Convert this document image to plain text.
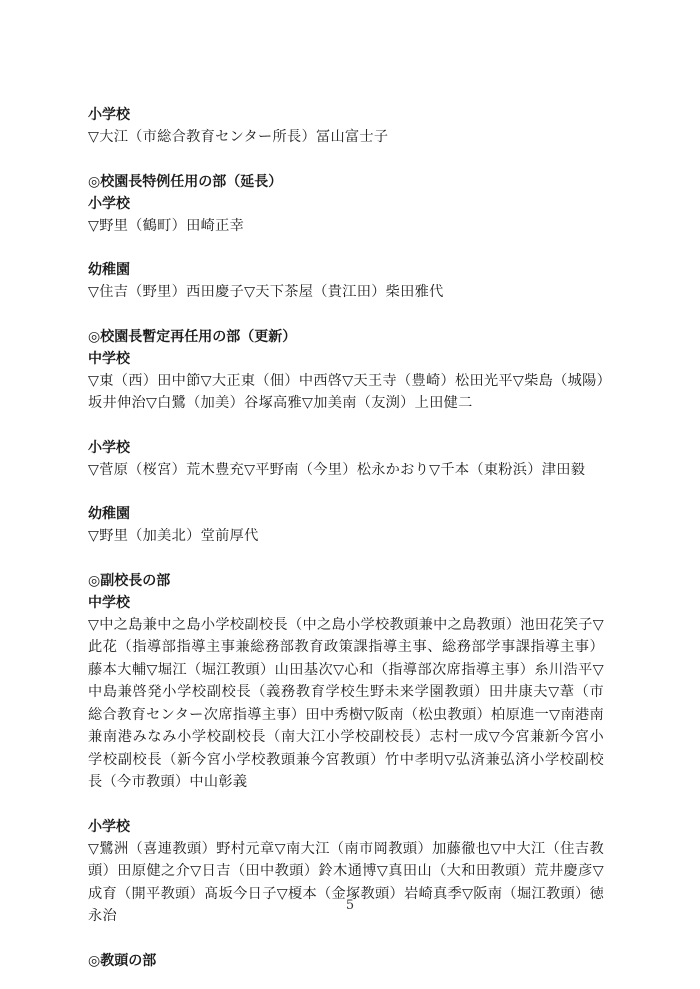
小学校

▽大江（市総合教育センター所長）冨山富士子

◎校園長特例任用の部（延長）
小学校

▽野里（鶴町）田崎正幸

幼稚園

▽住吉（野里）西田慶子▽天下茶屋（貴江田）柴田雅代

◎校園長暫定再任用の部（更新）
中学校

▽東（西）田中節▽大正東（佃）中西啓▽天王寺（豊崎）松田光平▽柴島（城陽）坂井伸治▽白鷺（加美）谷塚高雅▽加美南（友渕）上田健二

小学校

▽菅原（桜宮）荒木豊充▽平野南（今里）松永かおり▽千本（東粉浜）津田毅

幼稚園

▽野里（加美北）堂前厚代

◎副校長の部
中学校

▽中之島兼中之島小学校副校長（中之島小学校教頭兼中之島教頭）池田花笑子▽此花（指導部指導主事兼総務部教育政策課指導主事、総務部学事課指導主事）藤本大輔▽堀江（堀江教頭）山田基次▽心和（指導部次席指導主事）糸川浩平▽中島兼啓発小学校副校長（義務教育学校生野未来学園教頭）田井康夫▽葦（市総合教育センター次席指導主事）田中秀樹▽阪南（松虫教頭）柏原進一▽南港南兼南港みなみ小学校副校長（南大江小学校副校長）志村一成▽今宮兼新今宮小学校副校長（新今宮小学校教頭兼今宮教頭）竹中孝明▽弘済兼弘済小学校副校長（今市教頭）中山彰義

小学校

▽鷺洲（喜連教頭）野村元章▽南大江（南市岡教頭）加藤徹也▽中大江（住吉教頭）田原健之介▽日吉（田中教頭）鈴木通博▽真田山（大和田教頭）荒井慶彦▽成育（開平教頭）髙坂今日子▽榎本（金塚教頭）岩崎真季▽阪南（堀江教頭）徳永治

◎教頭の部
5
